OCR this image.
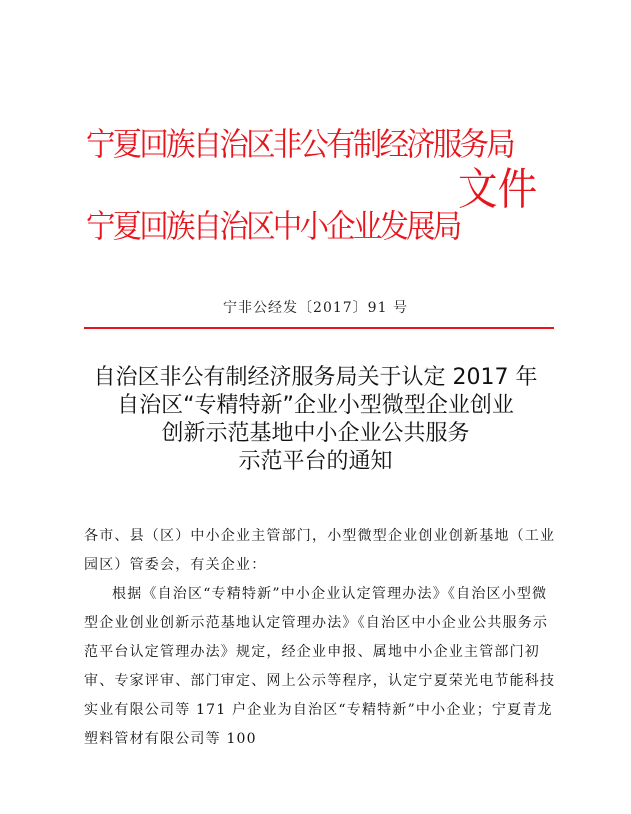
宁夏回族自治区非公有制经济服务局
宁夏回族自治区中小企业发展局
文件
宁非公经发〔2017〕91 号
自治区非公有制经济服务局关于认定 2017 年
自治区“专精特新”企业小型微型企业创业
创新示范基地中小企业公共服务
示范平台的通知

各市、县（区）中小企业主管部门，小型微型企业创业创新基地（工业园区）管委会，有关企业：

根据《自治区“专精特新”中小企业认定管理办法》《自治区小型微型企业创业创新示范基地认定管理办法》《自治区中小企业公共服务示范平台认定管理办法》规定，经企业申报、属地中小企业主管部门初审、专家评审、部门审定、网上公示等程序，认定宁夏荣光电节能科技实业有限公司等 171 户企业为自治区“专精特新”中小企业；宁夏青龙塑料管材有限公司等 100
